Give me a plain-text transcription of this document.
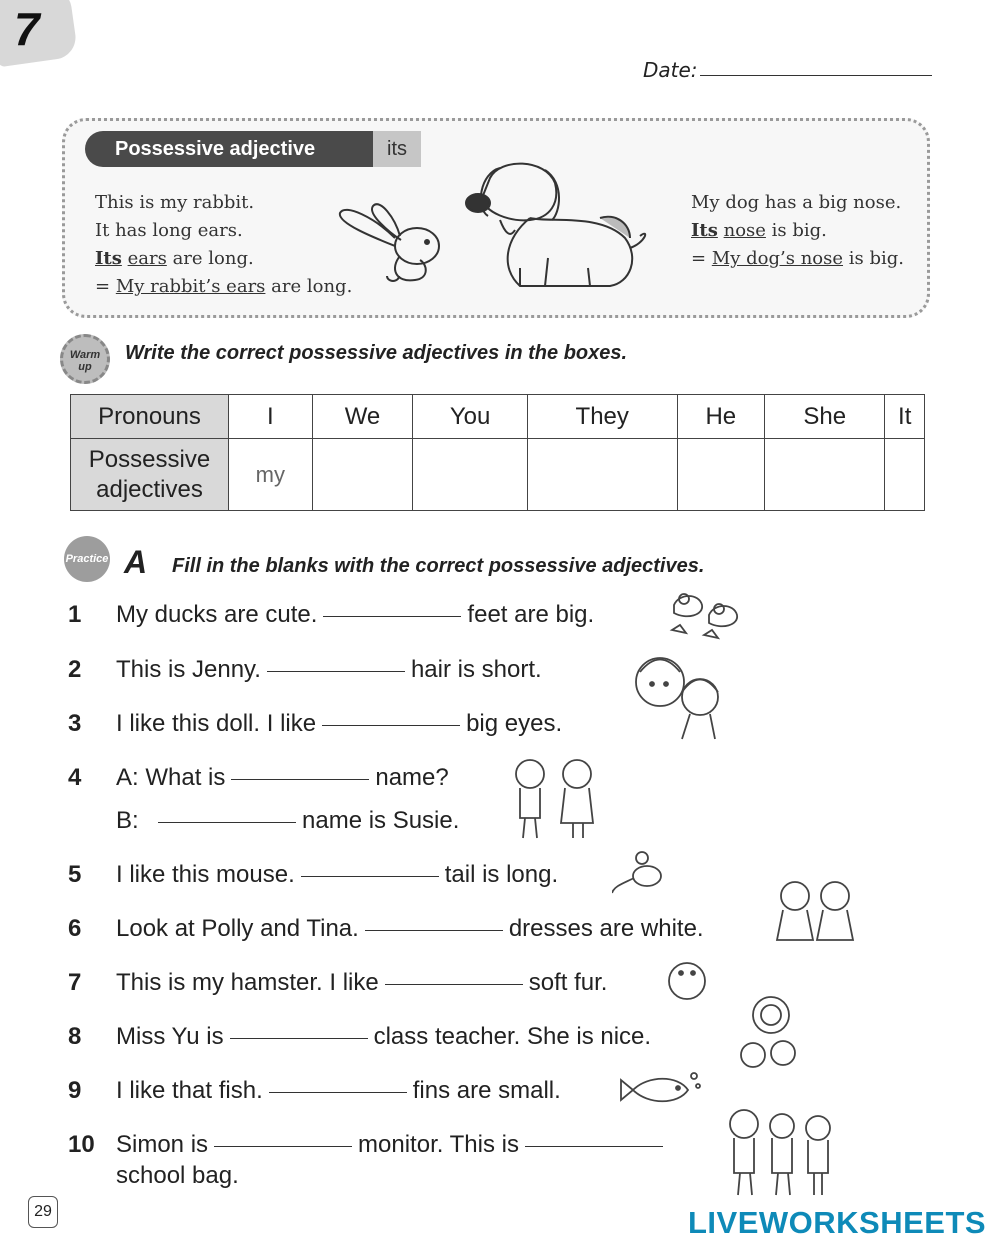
7
Date:
Possessive adjective	its
This is my rabbit.
It has long ears.
Its ears are long.
= My rabbit’s ears are long.
My dog has a big nose.
Its nose is big.
= My dog’s nose is big.
Warm up
Write the correct possessive adjectives in the boxes.
Pronouns	I	We	You	They	He	She	It
Possessive
adjectives	my						
Practice A Fill in the blanks with the correct possessive adjectives.
1 My ducks are cute.	feet are big.
2 This is Jenny.	hair is short.
3 I like this doll. I like	big eyes.
4 A: What is	name?
B:	name is Susie.
5 I like this mouse.	tail is long.
6 Look at Polly and Tina.	dresses are white.
7 This is my hamster. I like	soft fur.
8 Miss Yu is	class teacher. She is nice.
9 I like that fish.	fins are small.
10 Simon is	monitor. This is
school bag.
29	LIVEWORKSHEETS
